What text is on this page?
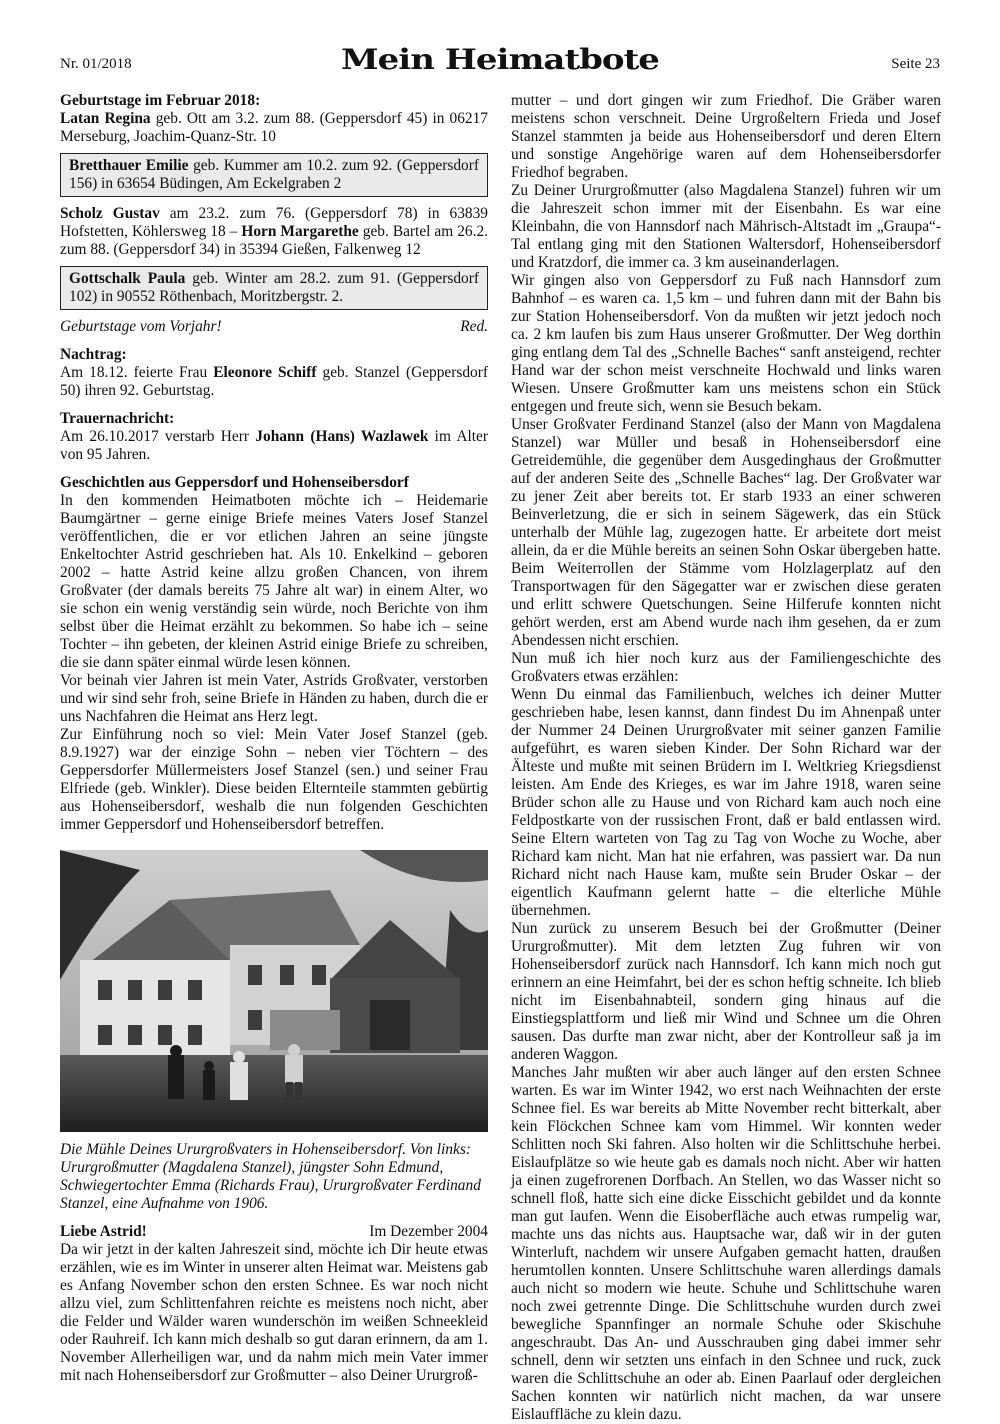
Nr. 01/2018	Mein Heimatbote	Seite 23

Geburtstage im Februar 2018:

Latan Regina geb. Ott am 3.2. zum 88. (Geppersdorf 45) in 06217 Merseburg, Joachim-Quanz-Str. 10

Bretthauer Emilie geb. Kummer am 10.2. zum 92. (Geppersdorf 156) in 63654 Büdingen, Am Eckelgraben 2

Scholz Gustav am 23.2. zum 76. (Geppersdorf 78) in 63839 Hofstetten, Köhlersweg 18 – Horn Margarethe geb. Bartel am 26.2. zum 88. (Geppersdorf 34) in 35394 Gießen, Falkenweg 12

Gottschalk Paula geb. Winter am 28.2. zum 91. (Geppersdorf 102) in 90552 Röthenbach, Moritzbergstr. 2.
Geburtstage vom Vorjahr!	Red.

Nachtrag:

Am 18.12. feierte Frau Eleonore Schiff geb. Stanzel (Geppersdorf 50) ihren 92. Geburtstag.

Trauernachricht:

Am 26.10.2017 verstarb Herr Johann (Hans) Wazlawek im Alter von 95 Jahren.

Geschichtlen aus Geppersdorf und Hohenseibersdorf

In den kommenden Heimatboten möchte ich – Heidemarie Baumgärtner – gerne einige Briefe meines Vaters Josef Stanzel veröffentlichen, die er vor etlichen Jahren an seine jüngste Enkeltochter Astrid geschrieben hat. Als 10. Enkelkind – geboren 2002 – hatte Astrid keine allzu großen Chancen, von ihrem Großvater (der damals bereits 75 Jahre alt war) in einem Alter, wo sie schon ein wenig verständig sein würde, noch Berichte von ihm selbst über die Heimat erzählt zu bekommen. So habe ich – seine Tochter – ihn gebeten, der kleinen Astrid einige Briefe zu schreiben, die sie dann später einmal würde lesen können.

Vor beinah vier Jahren ist mein Vater, Astrids Großvater, verstorben und wir sind sehr froh, seine Briefe in Händen zu haben, durch die er uns Nachfahren die Heimat ans Herz legt.

Zur Einführung noch so viel: Mein Vater Josef Stanzel (geb. 8.9.1927) war der einzige Sohn – neben vier Töchtern – des Geppersdorfer Müllermeisters Josef Stanzel (sen.) und seiner Frau Elfriede (geb. Winkler). Diese beiden Elternteile stammten gebürtig aus Hohenseibersdorf, weshalb die nun folgenden Geschichten immer Geppersdorf und Hohenseibersdorf betreffen.

Die Mühle Deines Ururgroßvaters in Hohenseibersdorf. Von links: Ururgroßmutter (Magdalena Stanzel), jüngster Sohn Edmund, Schwiegertochter Emma (Richards Frau), Ururgroßvater Ferdinand Stanzel, eine Aufnahme von 1906.

Liebe Astrid!	Im Dezember 2004

Da wir jetzt in der kalten Jahreszeit sind, möchte ich Dir heute etwas erzählen, wie es im Winter in unserer alten Heimat war. Meistens gab es Anfang November schon den ersten Schnee. Es war noch nicht allzu viel, zum Schlittenfahren reichte es meistens noch nicht, aber die Felder und Wälder waren wunderschön im weißen Schneekleid oder Rauhreif. Ich kann mich deshalb so gut daran erinnern, da am 1. November Allerheiligen war, und da nahm mich mein Vater immer mit nach Hohenseibersdorf zur Großmutter – also Deiner Ururgroß-

mutter – und dort gingen wir zum Friedhof. Die Gräber waren meistens schon verschneit. Deine Urgroßeltern Frieda und Josef Stanzel stammten ja beide aus Hohenseibersdorf und deren Eltern und sonstige Angehörige waren auf dem Hohenseibersdorfer Friedhof begraben.

Zu Deiner Ururgroßmutter (also Magdalena Stanzel) fuhren wir um die Jahreszeit schon immer mit der Eisenbahn. Es war eine Kleinbahn, die von Hannsdorf nach Mährisch-Altstadt im „Graupa“-Tal entlang ging mit den Stationen Waltersdorf, Hohenseibersdorf und Kratzdorf, die immer ca. 3 km auseinanderlagen.

Wir gingen also von Geppersdorf zu Fuß nach Hannsdorf zum Bahnhof – es waren ca. 1,5 km – und fuhren dann mit der Bahn bis zur Station Hohenseibersdorf. Von da mußten wir jetzt jedoch noch ca. 2 km laufen bis zum Haus unserer Großmutter. Der Weg dorthin ging entlang dem Tal des „Schnelle Baches“ sanft ansteigend, rechter Hand war der schon meist verschneite Hochwald und links waren Wiesen. Unsere Großmutter kam uns meistens schon ein Stück entgegen und freute sich, wenn sie Besuch bekam.

Unser Großvater Ferdinand Stanzel (also der Mann von Magdalena Stanzel) war Müller und besaß in Hohenseibersdorf eine Getreidemühle, die gegenüber dem Ausgedinghaus der Großmutter auf der anderen Seite des „Schnelle Baches“ lag. Der Großvater war zu jener Zeit aber bereits tot. Er starb 1933 an einer schweren Beinverletzung, die er sich in seinem Sägewerk, das ein Stück unterhalb der Mühle lag, zugezogen hatte. Er arbeitete dort meist allein, da er die Mühle bereits an seinen Sohn Oskar übergeben hatte. Beim Weiterrollen der Stämme vom Holzlagerplatz auf den Transportwagen für den Sägegatter war er zwischen diese geraten und erlitt schwere Quetschungen. Seine Hilferufe konnten nicht gehört werden, erst am Abend wurde nach ihm gesehen, da er zum Abendessen nicht erschien.

Nun muß ich hier noch kurz aus der Familiengeschichte des Großvaters etwas erzählen:

Wenn Du einmal das Familienbuch, welches ich deiner Mutter geschrieben habe, lesen kannst, dann findest Du im Ahnenpaß unter der Nummer 24 Deinen Ururgroßvater mit seiner ganzen Familie aufgeführt, es waren sieben Kinder. Der Sohn Richard war der Älteste und mußte mit seinen Brüdern im I. Weltkrieg Kriegsdienst leisten. Am Ende des Krieges, es war im Jahre 1918, waren seine Brüder schon alle zu Hause und von Richard kam auch noch eine Feldpostkarte von der russischen Front, daß er bald entlassen wird. Seine Eltern warteten von Tag zu Tag von Woche zu Woche, aber Richard kam nicht. Man hat nie erfahren, was passiert war. Da nun Richard nicht nach Hause kam, mußte sein Bruder Oskar – der eigentlich Kaufmann gelernt hatte – die elterliche Mühle übernehmen.

Nun zurück zu unserem Besuch bei der Großmutter (Deiner Ururgroßmutter). Mit dem letzten Zug fuhren wir von Hohenseibersdorf zurück nach Hannsdorf. Ich kann mich noch gut erinnern an eine Heimfahrt, bei der es schon heftig schneite. Ich blieb nicht im Eisenbahnabteil, sondern ging hinaus auf die Einstiegsplattform und ließ mir Wind und Schnee um die Ohren sausen. Das durfte man zwar nicht, aber der Kontrolleur saß ja im anderen Waggon.

Manches Jahr mußten wir aber auch länger auf den ersten Schnee warten. Es war im Winter 1942, wo erst nach Weihnachten der erste Schnee fiel. Es war bereits ab Mitte November recht bitterkalt, aber kein Flöckchen Schnee kam vom Himmel. Wir konnten weder Schlitten noch Ski fahren. Also holten wir die Schlittschuhe herbei. Eislaufplätze so wie heute gab es damals noch nicht. Aber wir hatten ja einen zugefrorenen Dorfbach. An Stellen, wo das Wasser nicht so schnell floß, hatte sich eine dicke Eisschicht gebildet und da konnte man gut laufen. Wenn die Eisoberfläche auch etwas rumpelig war, machte uns das nichts aus. Hauptsache war, daß wir in der guten Winterluft, nachdem wir unsere Aufgaben gemacht hatten, draußen herumtollen konnten. Unsere Schlittschuhe waren allerdings damals auch nicht so modern wie heute. Schuhe und Schlittschuhe waren noch zwei getrennte Dinge. Die Schlittschuhe wurden durch zwei bewegliche Spannfinger an normale Schuhe oder Skischuhe angeschraubt. Das An- und Ausschrauben ging dabei immer sehr schnell, denn wir setzten uns einfach in den Schnee und ruck, zuck waren die Schlittschuhe an oder ab. Einen Paarlauf oder dergleichen Sachen konnten wir natürlich nicht machen, da war unsere Eislauffläche zu klein dazu.
